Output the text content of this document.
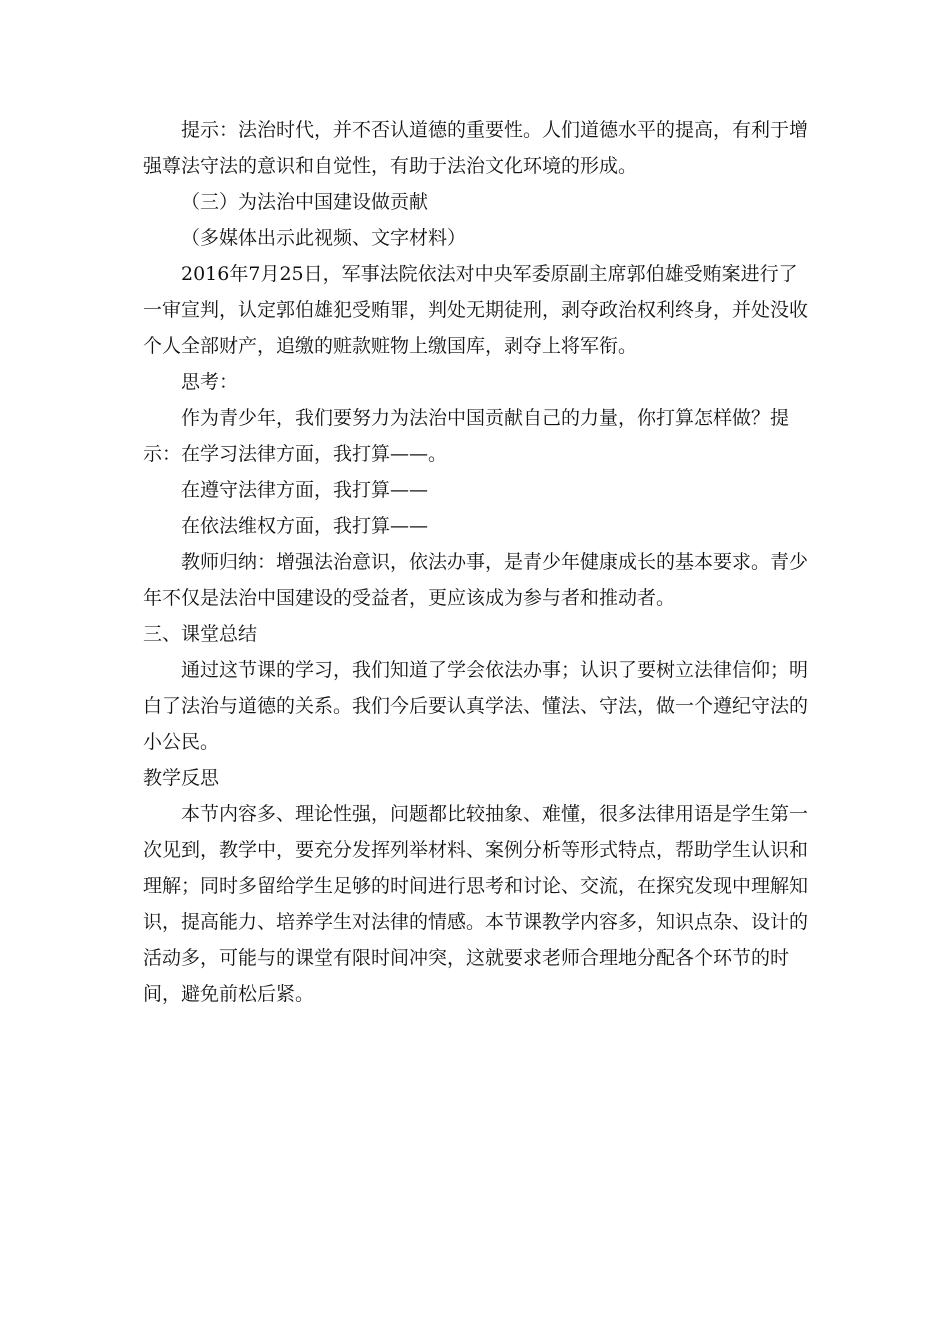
提示：法治时代，并不否认道德的重要性。人们道德水平的提高，有利于增强尊法守法的意识和自觉性，有助于法治文化环境的形成。

（三）为法治中国建设做贡献

（多媒体出示此视频、文字材料）

2016年7月25日，军事法院依法对中央军委原副主席郭伯雄受贿案进行了一审宣判，认定郭伯雄犯受贿罪，判处无期徒刑，剥夺政治权利终身，并处没收个人全部财产，追缴的赃款赃物上缴国库，剥夺上将军衔。

思考：

作为青少年，我们要努力为法治中国贡献自己的力量，你打算怎样做？提示：在学习法律方面，我打算——。

在遵守法律方面，我打算——

在依法维权方面，我打算——

教师归纳：增强法治意识，依法办事，是青少年健康成长的基本要求。青少年不仅是法治中国建设的受益者，更应该成为参与者和推动者。

三、课堂总结

通过这节课的学习，我们知道了学会依法办事；认识了要树立法律信仰；明白了法治与道德的关系。我们今后要认真学法、懂法、守法，做一个遵纪守法的小公民。

教学反思

本节内容多、理论性强，问题都比较抽象、难懂，很多法律用语是学生第一次见到，教学中，要充分发挥列举材料、案例分析等形式特点，帮助学生认识和理解；同时多留给学生足够的时间进行思考和讨论、交流，在探究发现中理解知识，提高能力、培养学生对法律的情感。本节课教学内容多，知识点杂、设计的活动多，可能与的课堂有限时间冲突，这就要求老师合理地分配各个环节的时间，避免前松后紧。
